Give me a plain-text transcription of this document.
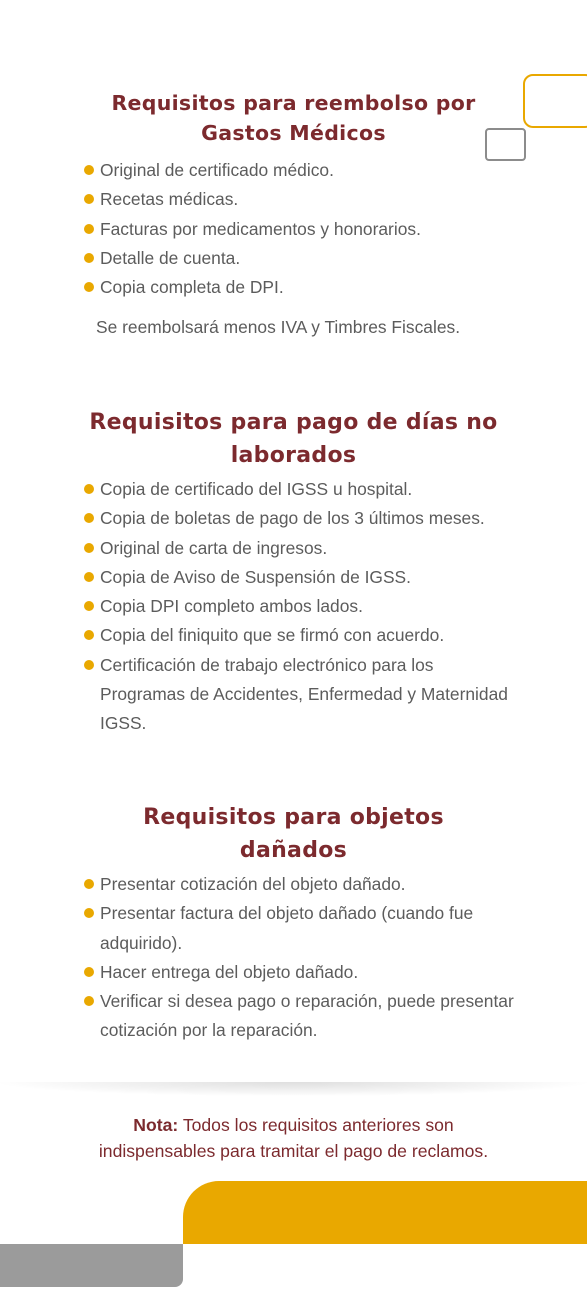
Requisitos para reembolso por
Gastos Médicos
Original de certificado médico.
Recetas médicas.
Facturas por medicamentos y honorarios.
Detalle de cuenta.
Copia completa de DPI.
Se reembolsará menos IVA y Timbres Fiscales.
Requisitos para pago de días no
laborados
Copia de certificado del IGSS u hospital.
Copia de boletas de pago de los 3 últimos meses.
Original de carta de ingresos.
Copia de Aviso de Suspensión de IGSS.
Copia DPI completo ambos lados.
Copia del finiquito que se firmó con acuerdo.
Certificación de trabajo electrónico para los Programas de Accidentes, Enfermedad y Maternidad IGSS.
Requisitos para objetos
dañados
Presentar cotización del objeto dañado.
Presentar factura del objeto dañado (cuando fue adquirido).
Hacer entrega del objeto dañado.
Verificar si desea pago o reparación, puede presentar cotización por la reparación.
Nota: Todos los requisitos anteriores son
indispensables para tramitar el pago de reclamos.
